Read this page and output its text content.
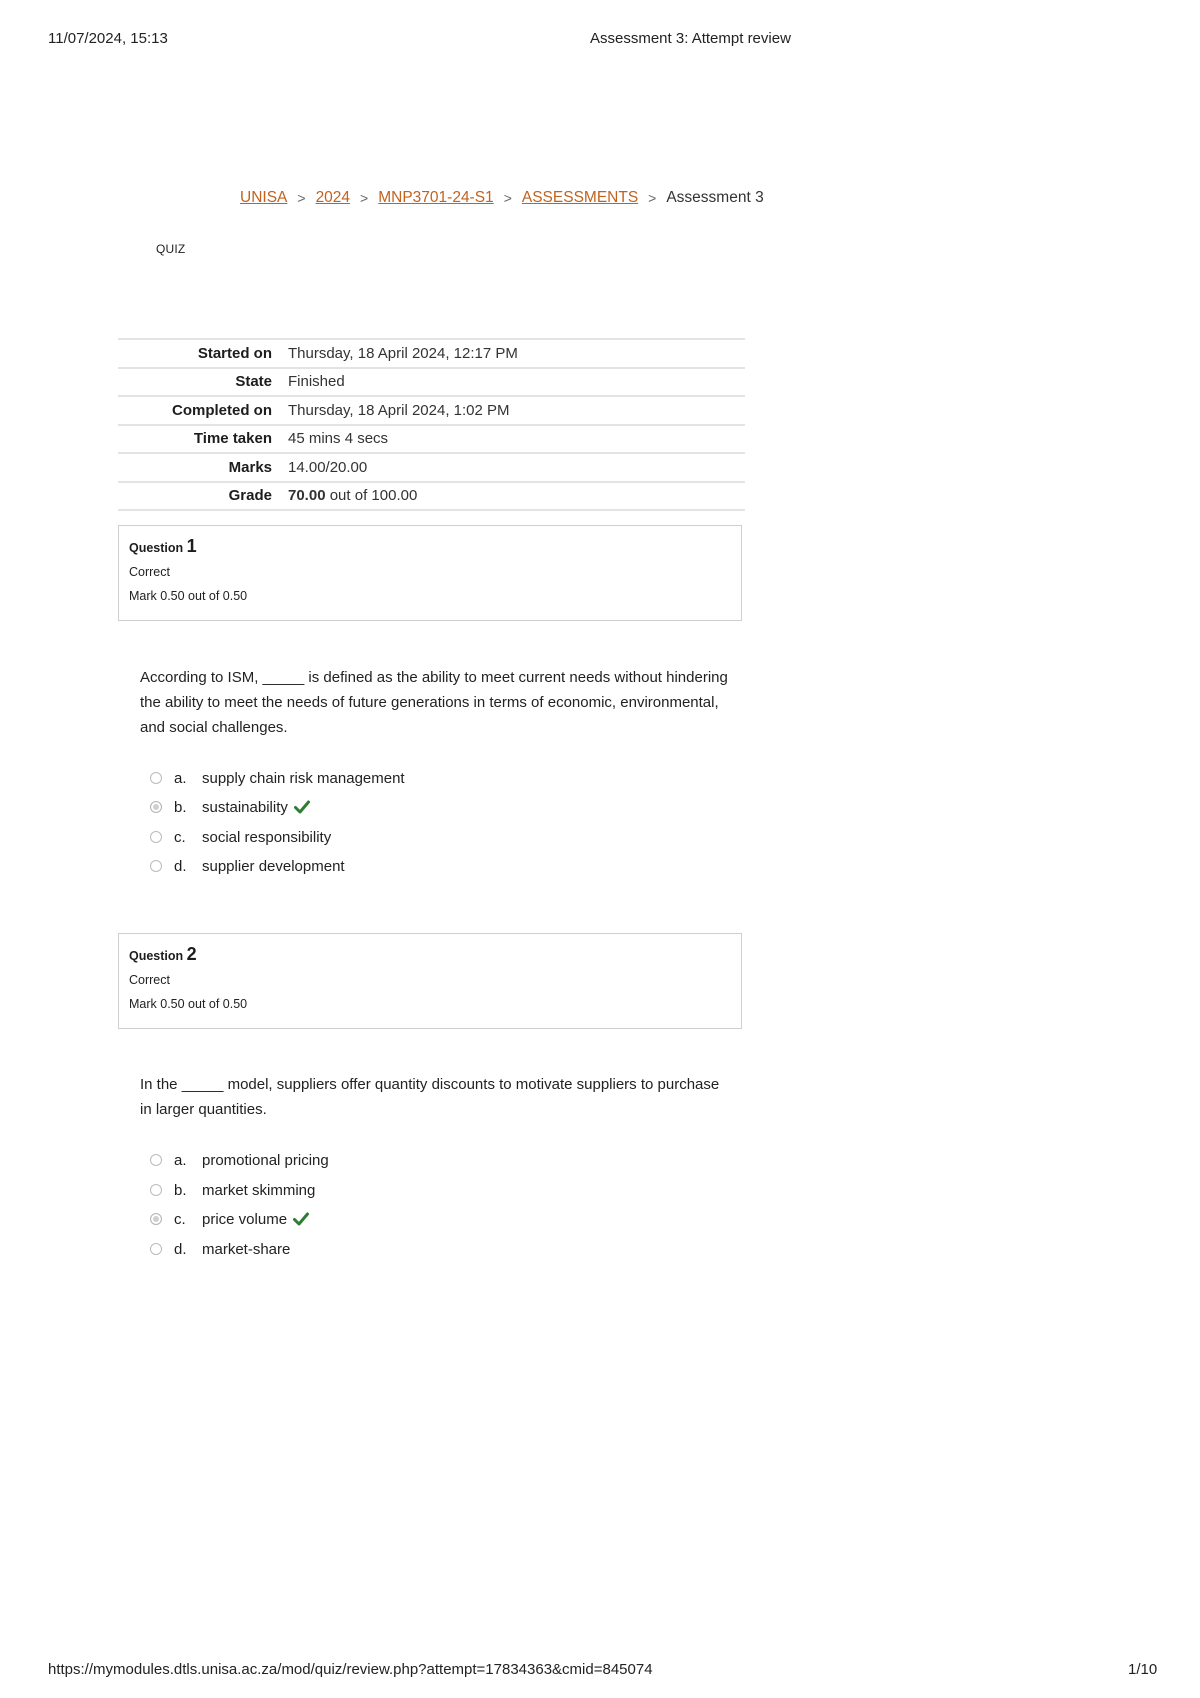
11/07/2024, 15:13	Assessment 3: Attempt review
UNISA > 2024 > MNP3701-24-S1 > ASSESSMENTS > Assessment 3
QUIZ
Started on	Thursday, 18 April 2024, 12:17 PM
State	Finished
Completed on	Thursday, 18 April 2024, 1:02 PM
Time taken	45 mins 4 secs
Marks	14.00/20.00
Grade	70.00 out of 100.00
Question 1
Correct
Mark 0.50 out of 0.50
According to ISM, _____ is defined as the ability to meet current needs without hindering the ability to meet the needs of future generations in terms of economic, environmental, and social challenges.
a.	supply chain risk management
b.	sustainability
c.	social responsibility
d.	supplier development
Question 2
Correct
Mark 0.50 out of 0.50
In the _____ model, suppliers offer quantity discounts to motivate suppliers to purchase in larger quantities.
a.	promotional pricing
b.	market skimming
c.	price volume
d.	market-share
https://mymodules.dtls.unisa.ac.za/mod/quiz/review.php?attempt=17834363&cmid=845074	1/10
